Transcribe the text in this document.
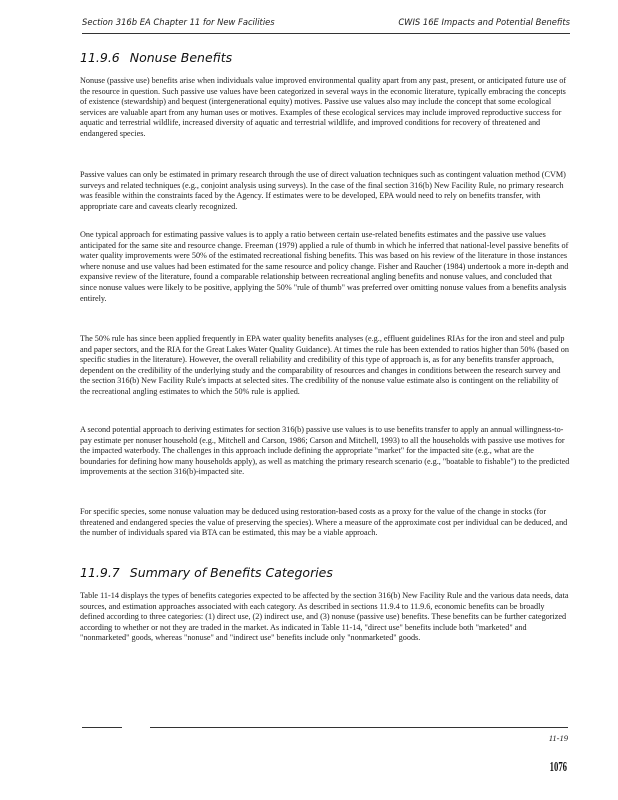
Section 316b EA Chapter 11 for New Facilities	CWIS 16E Impacts and Potential Benefits
11.9.6 Nonuse Benefits

Nonuse (passive use) benefits arise when individuals value improved environmental quality apart from any past, present, or anticipated future use of the resource in question. Such passive use values have been categorized in several ways in the economic literature, typically embracing the concepts of existence (stewardship) and bequest (intergenerational equity) motives. Passive use values also may include the concept that some ecological services are valuable apart from any human uses or motives. Examples of these ecological services may include improved reproductive success for aquatic and terrestrial wildlife, increased diversity of aquatic and terrestrial wildlife, and improved conditions for recovery of threatened and endangered species.

Passive values can only be estimated in primary research through the use of direct valuation techniques such as contingent valuation method (CVM) surveys and related techniques (e.g., conjoint analysis using surveys). In the case of the final section 316(b) New Facility Rule, no primary research was feasible within the constraints faced by the Agency. If estimates were to be developed, EPA would need to rely on benefits transfer, with appropriate care and caveats clearly recognized.

One typical approach for estimating passive values is to apply a ratio between certain use-related benefits estimates and the passive use values anticipated for the same site and resource change. Freeman (1979) applied a rule of thumb in which he inferred that national-level passive benefits of water quality improvements were 50% of the estimated recreational fishing benefits. This was based on his review of the literature in those instances where nonuse and use values had been estimated for the same resource and policy change. Fisher and Raucher (1984) undertook a more in-depth and expansive review of the literature, found a comparable relationship between recreational angling benefits and nonuse values, and concluded that since nonuse values were likely to be positive, applying the 50% "rule of thumb" was preferred over omitting nonuse values from a benefits analysis entirely.

The 50% rule has since been applied frequently in EPA water quality benefits analyses (e.g., effluent guidelines RIAs for the iron and steel and pulp and paper sectors, and the RIA for the Great Lakes Water Quality Guidance). At times the rule has been extended to ratios higher than 50% (based on specific studies in the literature). However, the overall reliability and credibility of this type of approach is, as for any benefits transfer approach, dependent on the credibility of the underlying study and the comparability of resources and changes in conditions between the research survey and the section 316(b) New Facility Rule's impacts at selected sites. The credibility of the nonuse value estimate also is contingent on the reliability of the recreational angling estimates to which the 50% rule is applied.

A second potential approach to deriving estimates for section 316(b) passive use values is to use benefits transfer to apply an annual willingness-to-pay estimate per nonuser household (e.g., Mitchell and Carson, 1986; Carson and Mitchell, 1993) to all the households with passive use motives for the impacted waterbody. The challenges in this approach include defining the appropriate "market" for the impacted site (e.g., what are the boundaries for defining how many households apply), as well as matching the primary research scenario (e.g., "boatable to fishable") to the predicted improvements at the section 316(b)-impacted site.

For specific species, some nonuse valuation may be deduced using restoration-based costs as a proxy for the value of the change in stocks (for threatened and endangered species the value of preserving the species). Where a measure of the approximate cost per individual can be deduced, and the number of individuals spared via BTA can be estimated, this may be a viable approach.

11.9.7 Summary of Benefits Categories

Table 11-14 displays the types of benefits categories expected to be affected by the section 316(b) New Facility Rule and the various data needs, data sources, and estimation approaches associated with each category. As described in sections 11.9.4 to 11.9.6, economic benefits can be broadly defined according to three categories: (1) direct use, (2) indirect use, and (3) nonuse (passive use) benefits. These benefits can be further categorized according to whether or not they are traded in the market. As indicated in Table 11-14, "direct use" benefits include both "marketed" and "nonmarketed" goods, whereas "nonuse" and "indirect use" benefits include only "nonmarketed" goods.

11-19
1076
